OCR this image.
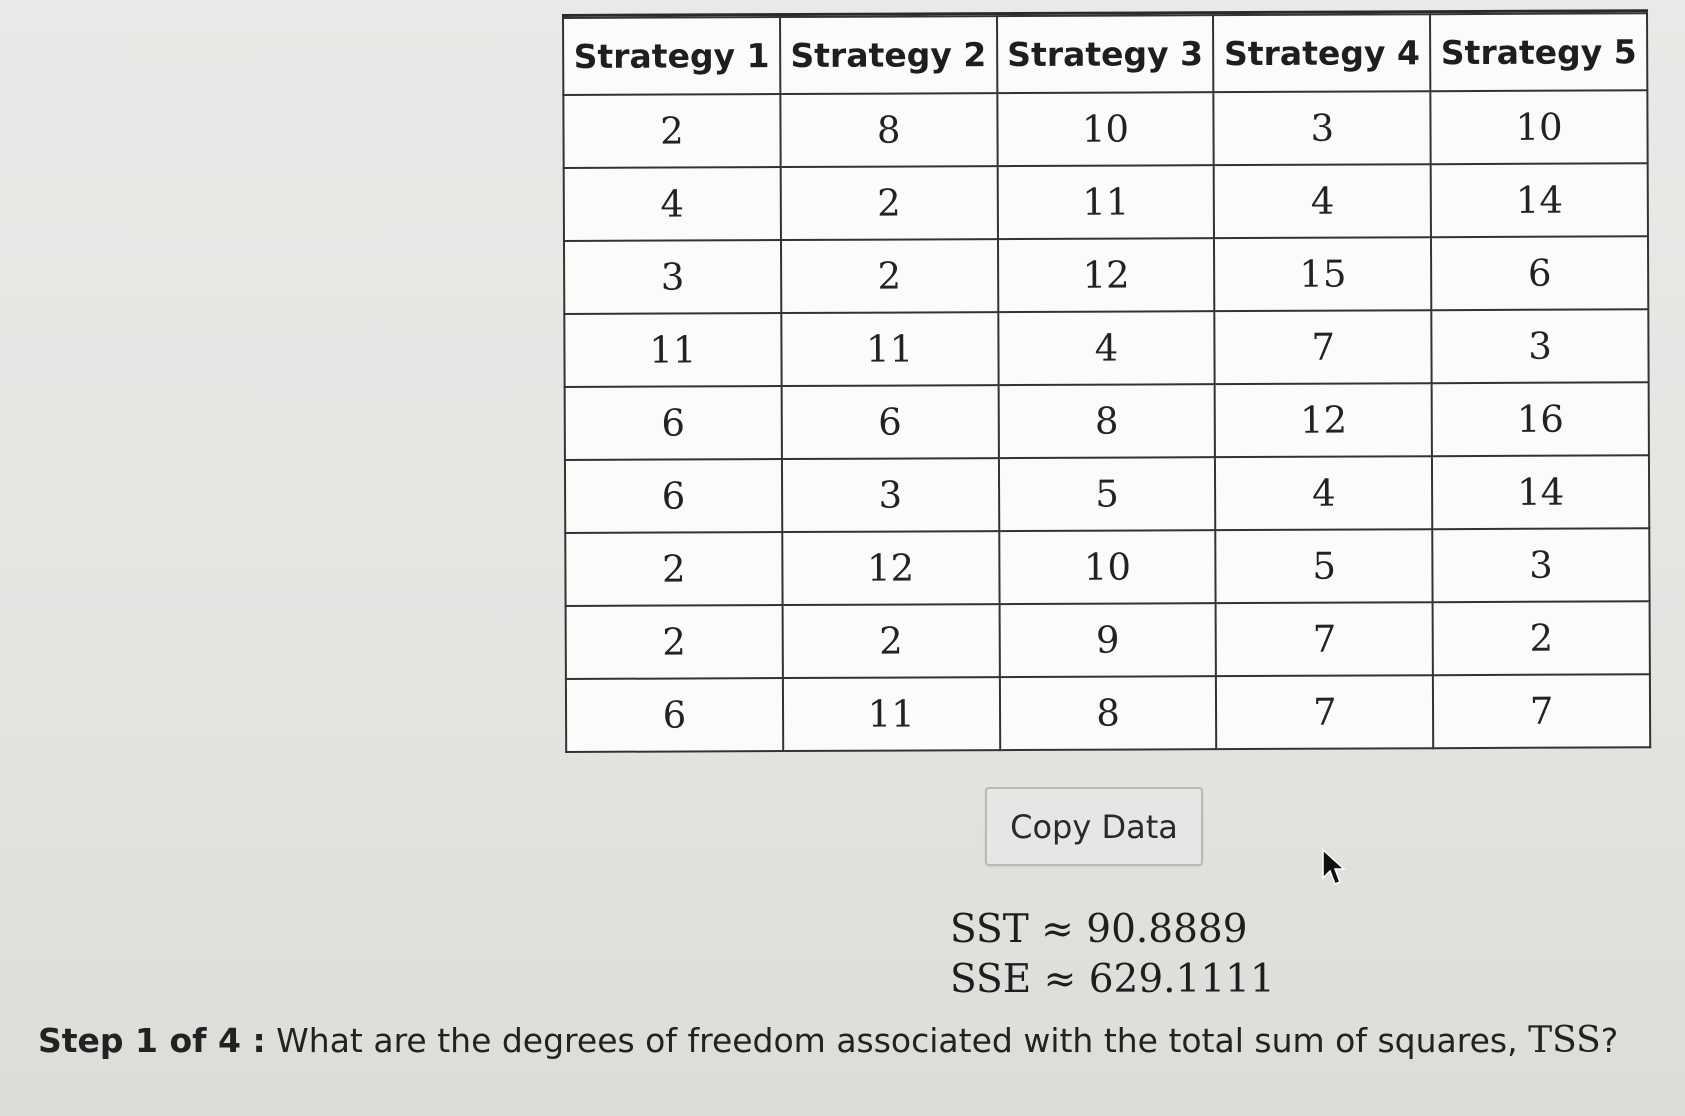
Strategy 1	Strategy 2	Strategy 3	Strategy 4	Strategy 5
2	8	10	3	10
4	2	11	4	14
3	2	12	15	6
11	11	4	7	3
6	6	8	12	16
6	3	5	4	14
2	12	10	5	3
2	2	9	7	2
6	11	8	7	7
Copy Data
SST ≈ 90.8889
SSE ≈ 629.1111
Step 1 of 4 : What are the degrees of freedom associated with the total sum of squares, TSS?
